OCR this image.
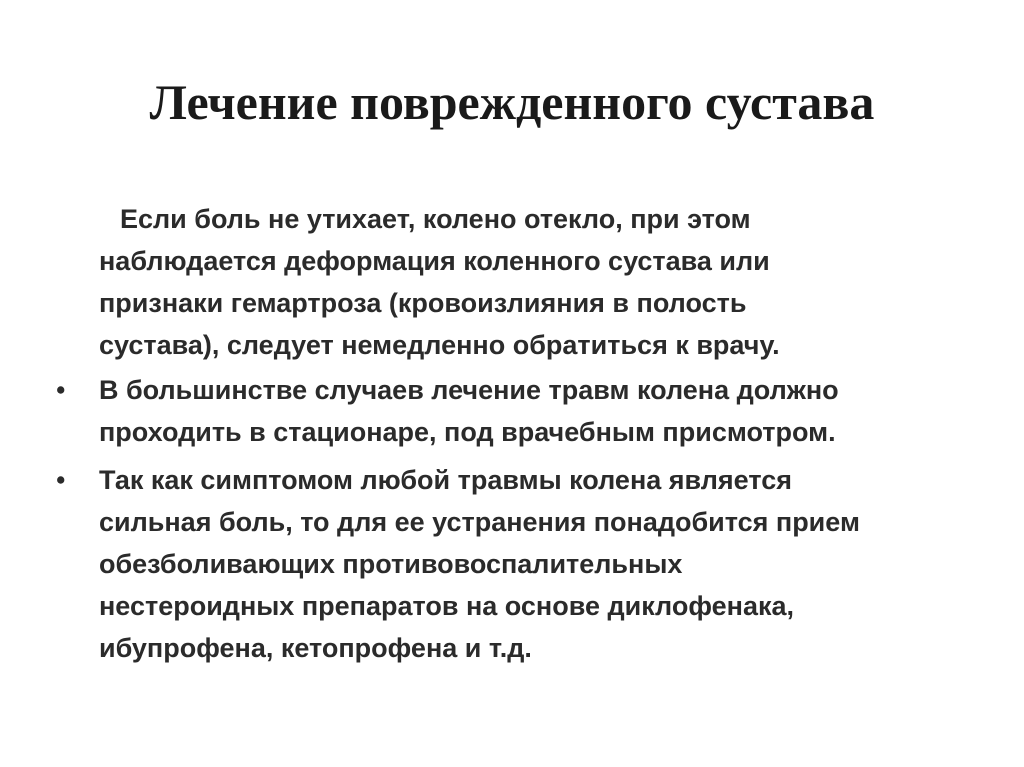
Лечение поврежденного сустава
Если боль не утихает, колено отекло, при этом
наблюдается деформация коленного сустава или
признаки гемартроза (кровоизлияния в полость
сустава), следует немедленно обратиться к врачу.
•	В большинстве случаев лечение травм колена должно
проходить в стационаре, под врачебным присмотром.
•	Так как симптомом любой травмы колена является
сильная боль, то для ее устранения понадобится прием
обезболивающих противовоспалительных
нестероидных препаратов на основе диклофенака,
ибупрофена, кетопрофена и т.д.
